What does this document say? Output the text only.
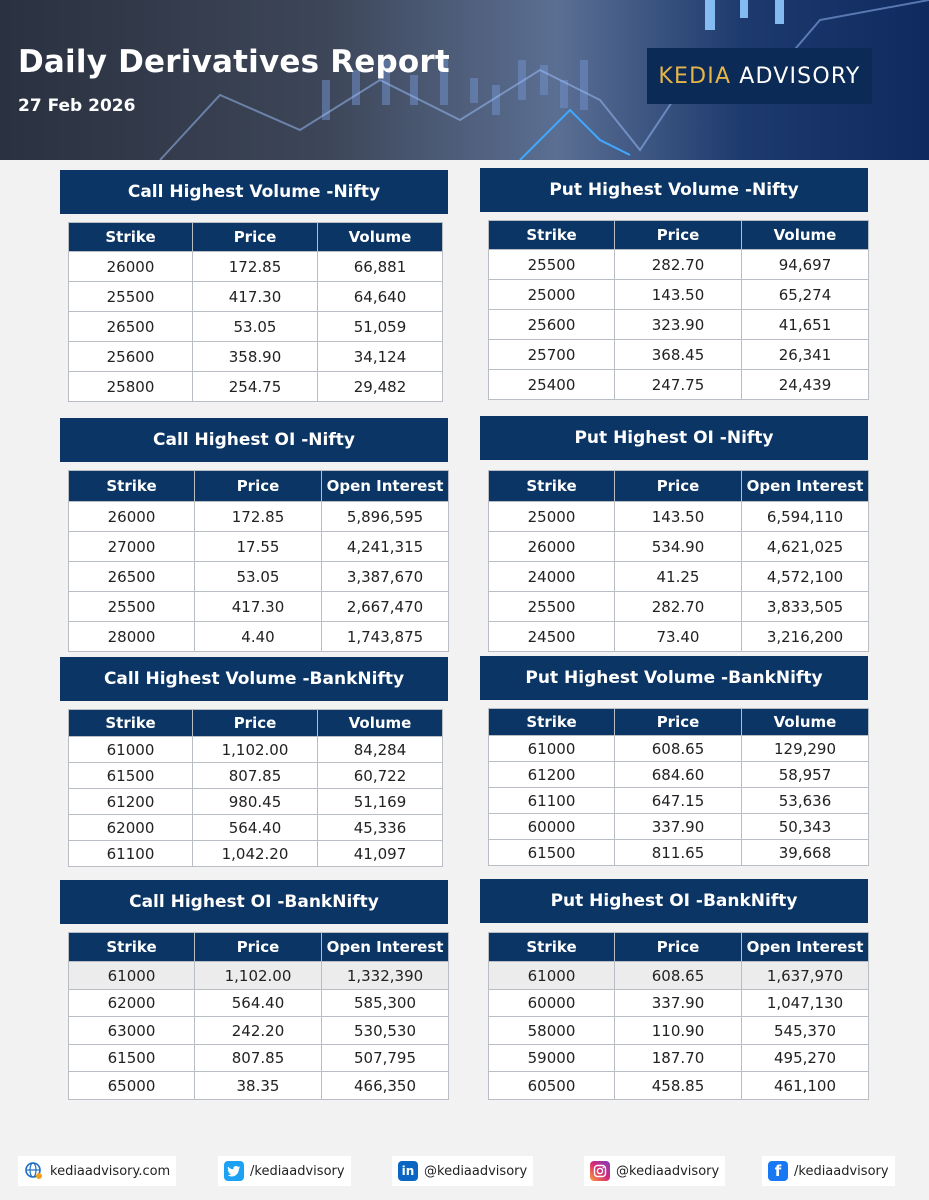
Daily Derivatives Report
27 Feb 2026
KEDIA ADVISORY
Call Highest Volume -Nifty
Strike	Price	Volume
26000	172.85	66,881
25500	417.30	64,640
26500	53.05	51,059
25600	358.90	34,124
25800	254.75	29,482
Put Highest Volume -Nifty
Strike	Price	Volume
25500	282.70	94,697
25000	143.50	65,274
25600	323.90	41,651
25700	368.45	26,341
25400	247.75	24,439
Call Highest OI -Nifty
Strike	Price	Open Interest
26000	172.85	5,896,595
27000	17.55	4,241,315
26500	53.05	3,387,670
25500	417.30	2,667,470
28000	4.40	1,743,875
Put Highest OI -Nifty
Strike	Price	Open Interest
25000	143.50	6,594,110
26000	534.90	4,621,025
24000	41.25	4,572,100
25500	282.70	3,833,505
24500	73.40	3,216,200
Call Highest Volume -BankNifty
Strike	Price	Volume
61000	1,102.00	84,284
61500	807.85	60,722
61200	980.45	51,169
62000	564.40	45,336
61100	1,042.20	41,097
Put Highest Volume -BankNifty
Strike	Price	Volume
61000	608.65	129,290
61200	684.60	58,957
61100	647.15	53,636
60000	337.90	50,343
61500	811.65	39,668
Call Highest OI -BankNifty
Strike	Price	Open Interest
61000	1,102.00	1,332,390
62000	564.40	585,300
63000	242.20	530,530
61500	807.85	507,795
65000	38.35	466,350
Put Highest OI -BankNifty
Strike	Price	Open Interest
61000	608.65	1,637,970
60000	337.90	1,047,130
58000	110.90	545,370
59000	187.70	495,270
60500	458.85	461,100
kediaadvisory.com	/kediaadvisory	in @kediaadvisory	@kediaadvisory	f /kediaadvisory
